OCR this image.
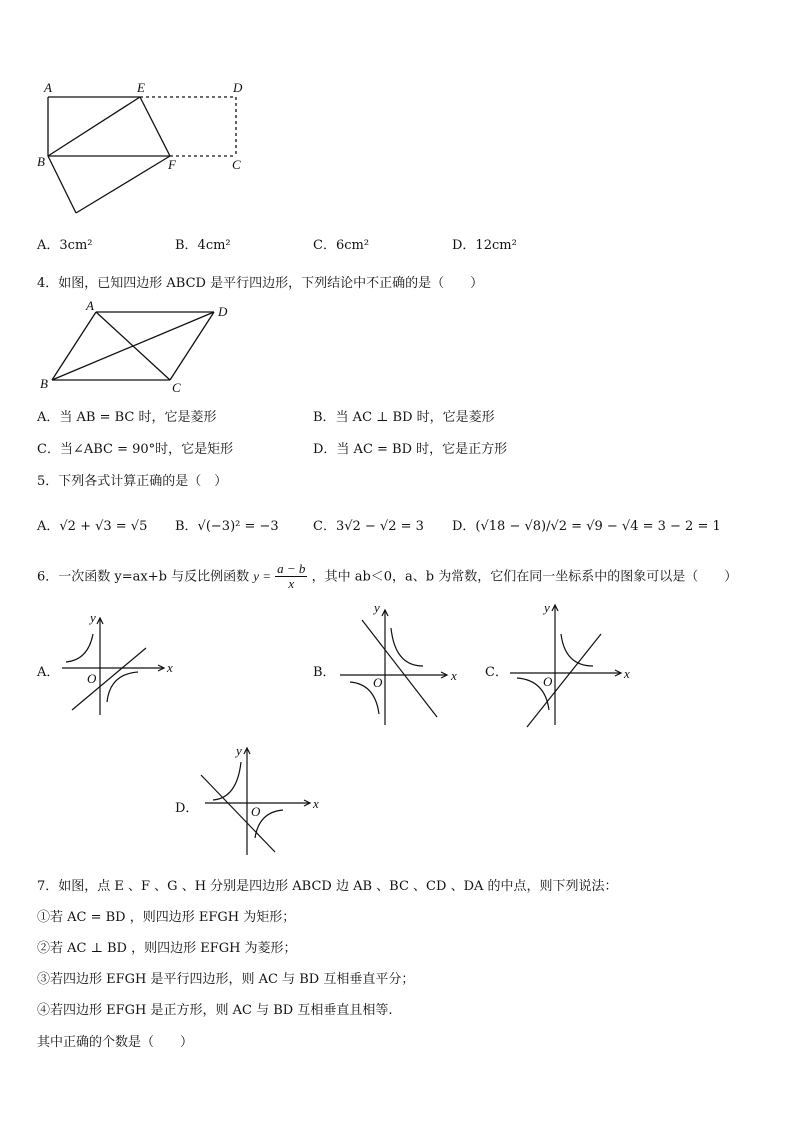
A	E	D
B	F	C
A．3cm²	B．4cm²	C．6cm²	D．12cm²
4．如图，已知四边形 ABCD 是平行四边形，下列结论中不正确的是（　　）
A	D
B	C
A．当 AB = BC 时，它是菱形	B．当 AC ⊥ BD 时，它是菱形
C．当∠ABC = 90°时，它是矩形	D．当 AC = BD 时，它是正方形
5．下列各式计算正确的是（　）
A．√2 + √3 = √5 B．√(−3)² = −3	C．3√2 − √2 = 3 D．(√18 − √8)/√2 = √9 − √4 = 3 − 2 = 1
6．一次函数 y=ax+b 与反比例函数 $y = \frac{a - b}{x}$ ，其中 ab＜0，a、b 为常数，它们在同一坐标系中的图象可以是（　　）
A．	x
y
O	B．	x
y
O
C．	x
y
O
D．	x
y
O
7．如图，点 E 、F 、G 、H 分别是四边形 ABCD 边 AB 、BC 、CD 、DA 的中点，则下列说法：
①若 AC = BD ，则四边形 EFGH 为矩形；
②若 AC ⊥ BD ，则四边形 EFGH 为菱形；
③若四边形 EFGH 是平行四边形，则 AC 与 BD 互相垂直平分；
④若四边形 EFGH 是正方形，则 AC 与 BD 互相垂直且相等.
其中正确的个数是（　　）
